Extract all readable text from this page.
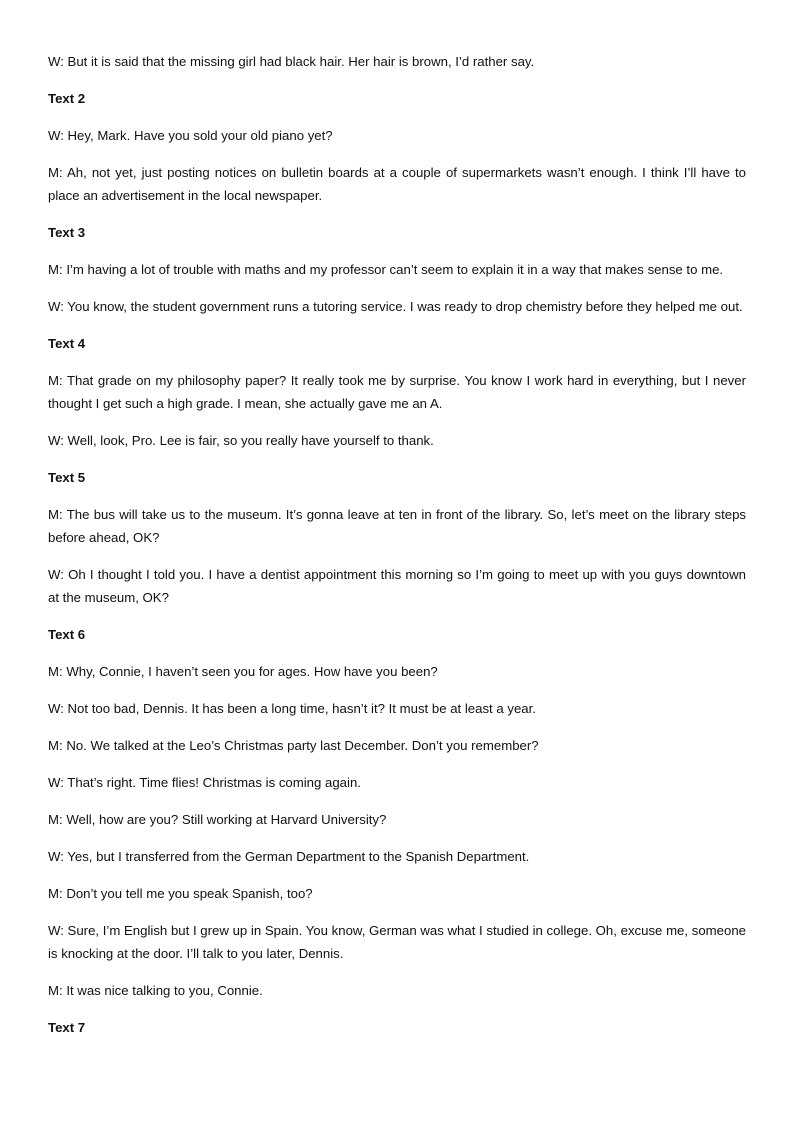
W: But it is said that the missing girl had black hair. Her hair is brown, I’d rather say.

Text 2

W: Hey, Mark. Have you sold your old piano yet?

M: Ah, not yet, just posting notices on bulletin boards at a couple of supermarkets wasn’t enough. I think I’ll have to place an advertisement in the local newspaper.

Text 3

M: I’m having a lot of trouble with maths and my professor can’t seem to explain it in a way that makes sense to me.

W: You know, the student government runs a tutoring service. I was ready to drop chemistry before they helped me out.

Text 4

M: That grade on my philosophy paper? It really took me by surprise. You know I work hard in everything, but I never thought I get such a high grade. I mean, she actually gave me an A.

W: Well, look, Pro. Lee is fair, so you really have yourself to thank.

Text 5

M: The bus will take us to the museum. It’s gonna leave at ten in front of the library. So, let’s meet on the library steps before ahead, OK?

W: Oh I thought I told you. I have a dentist appointment this morning so I’m going to meet up with you guys downtown at the museum, OK?

Text 6

M: Why, Connie, I haven’t seen you for ages. How have you been?

W: Not too bad, Dennis. It has been a long time, hasn’t it? It must be at least a year.

M: No. We talked at the Leo’s Christmas party last December. Don’t you remember?

W: That’s right. Time flies! Christmas is coming again.

M: Well, how are you? Still working at Harvard University?

W: Yes, but I transferred from the German Department to the Spanish Department.

M: Don’t you tell me you speak Spanish, too?

W: Sure, I’m English but I grew up in Spain. You know, German was what I studied in college. Oh, excuse me, someone is knocking at the door. I’ll talk to you later, Dennis.

M: It was nice talking to you, Connie.

Text 7
